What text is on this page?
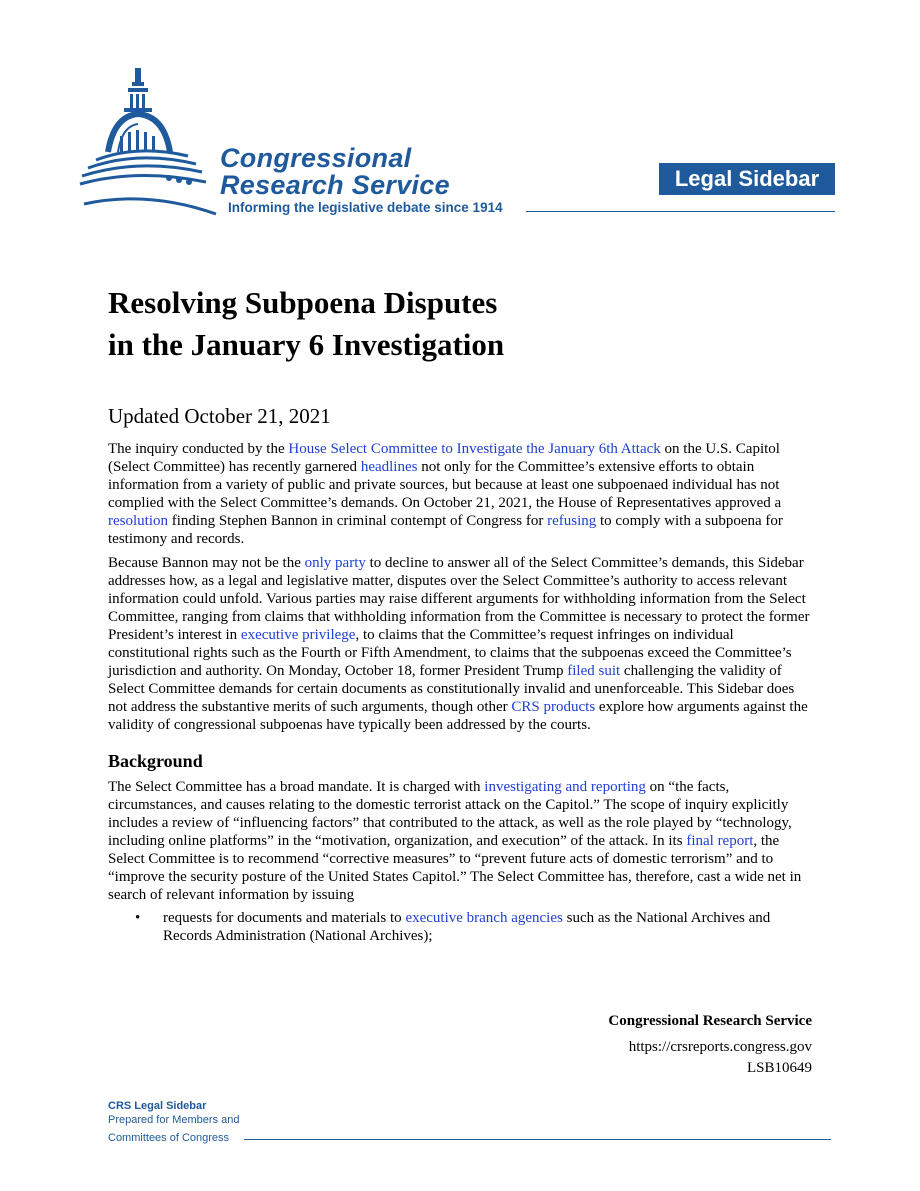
Congressional
Research Service
Informing the legislative debate since 1914
Legal Sidebar
Resolving Subpoena Disputes
in the January 6 Investigation
Updated October 21, 2021

The inquiry conducted by the House Select Committee to Investigate the January 6th Attack on the U.S. Capitol (Select Committee) has recently garnered headlines not only for the Committee’s extensive efforts to obtain information from a variety of public and private sources, but because at least one subpoenaed individual has not complied with the Select Committee’s demands. On October 21, 2021, the House of Representatives approved a resolution finding Stephen Bannon in criminal contempt of Congress for refusing to comply with a subpoena for testimony and records.

Because Bannon may not be the only party to decline to answer all of the Select Committee’s demands, this Sidebar addresses how, as a legal and legislative matter, disputes over the Select Committee’s authority to access relevant information could unfold. Various parties may raise different arguments for withholding information from the Select Committee, ranging from claims that withholding information from the Committee is necessary to protect the former President’s interest in executive privilege, to claims that the Committee’s request infringes on individual constitutional rights such as the Fourth or Fifth Amendment, to claims that the subpoenas exceed the Committee’s jurisdiction and authority. On Monday, October 18, former President Trump filed suit challenging the validity of Select Committee demands for certain documents as constitutionally invalid and unenforceable. This Sidebar does not address the substantive merits of such arguments, though other CRS products explore how arguments against the validity of congressional subpoenas have typically been addressed by the courts.

Background

The Select Committee has a broad mandate. It is charged with investigating and reporting on “the facts, circumstances, and causes relating to the domestic terrorist attack on the Capitol.” The scope of inquiry explicitly includes a review of “influencing factors” that contributed to the attack, as well as the role played by “technology, including online platforms” in the “motivation, organization, and execution” of the attack. In its final report, the Select Committee is to recommend “corrective measures” to “prevent future acts of domestic terrorism” and to “improve the security posture of the United States Capitol.” The Select Committee has, therefore, cast a wide net in search of relevant information by issuing

• requests for documents and materials to executive branch agencies such as the National Archives and Records Administration (National Archives);
Congressional Research Service
https://crsreports.congress.gov
LSB10649
CRS Legal Sidebar
Prepared for Members and
Committees of Congress
